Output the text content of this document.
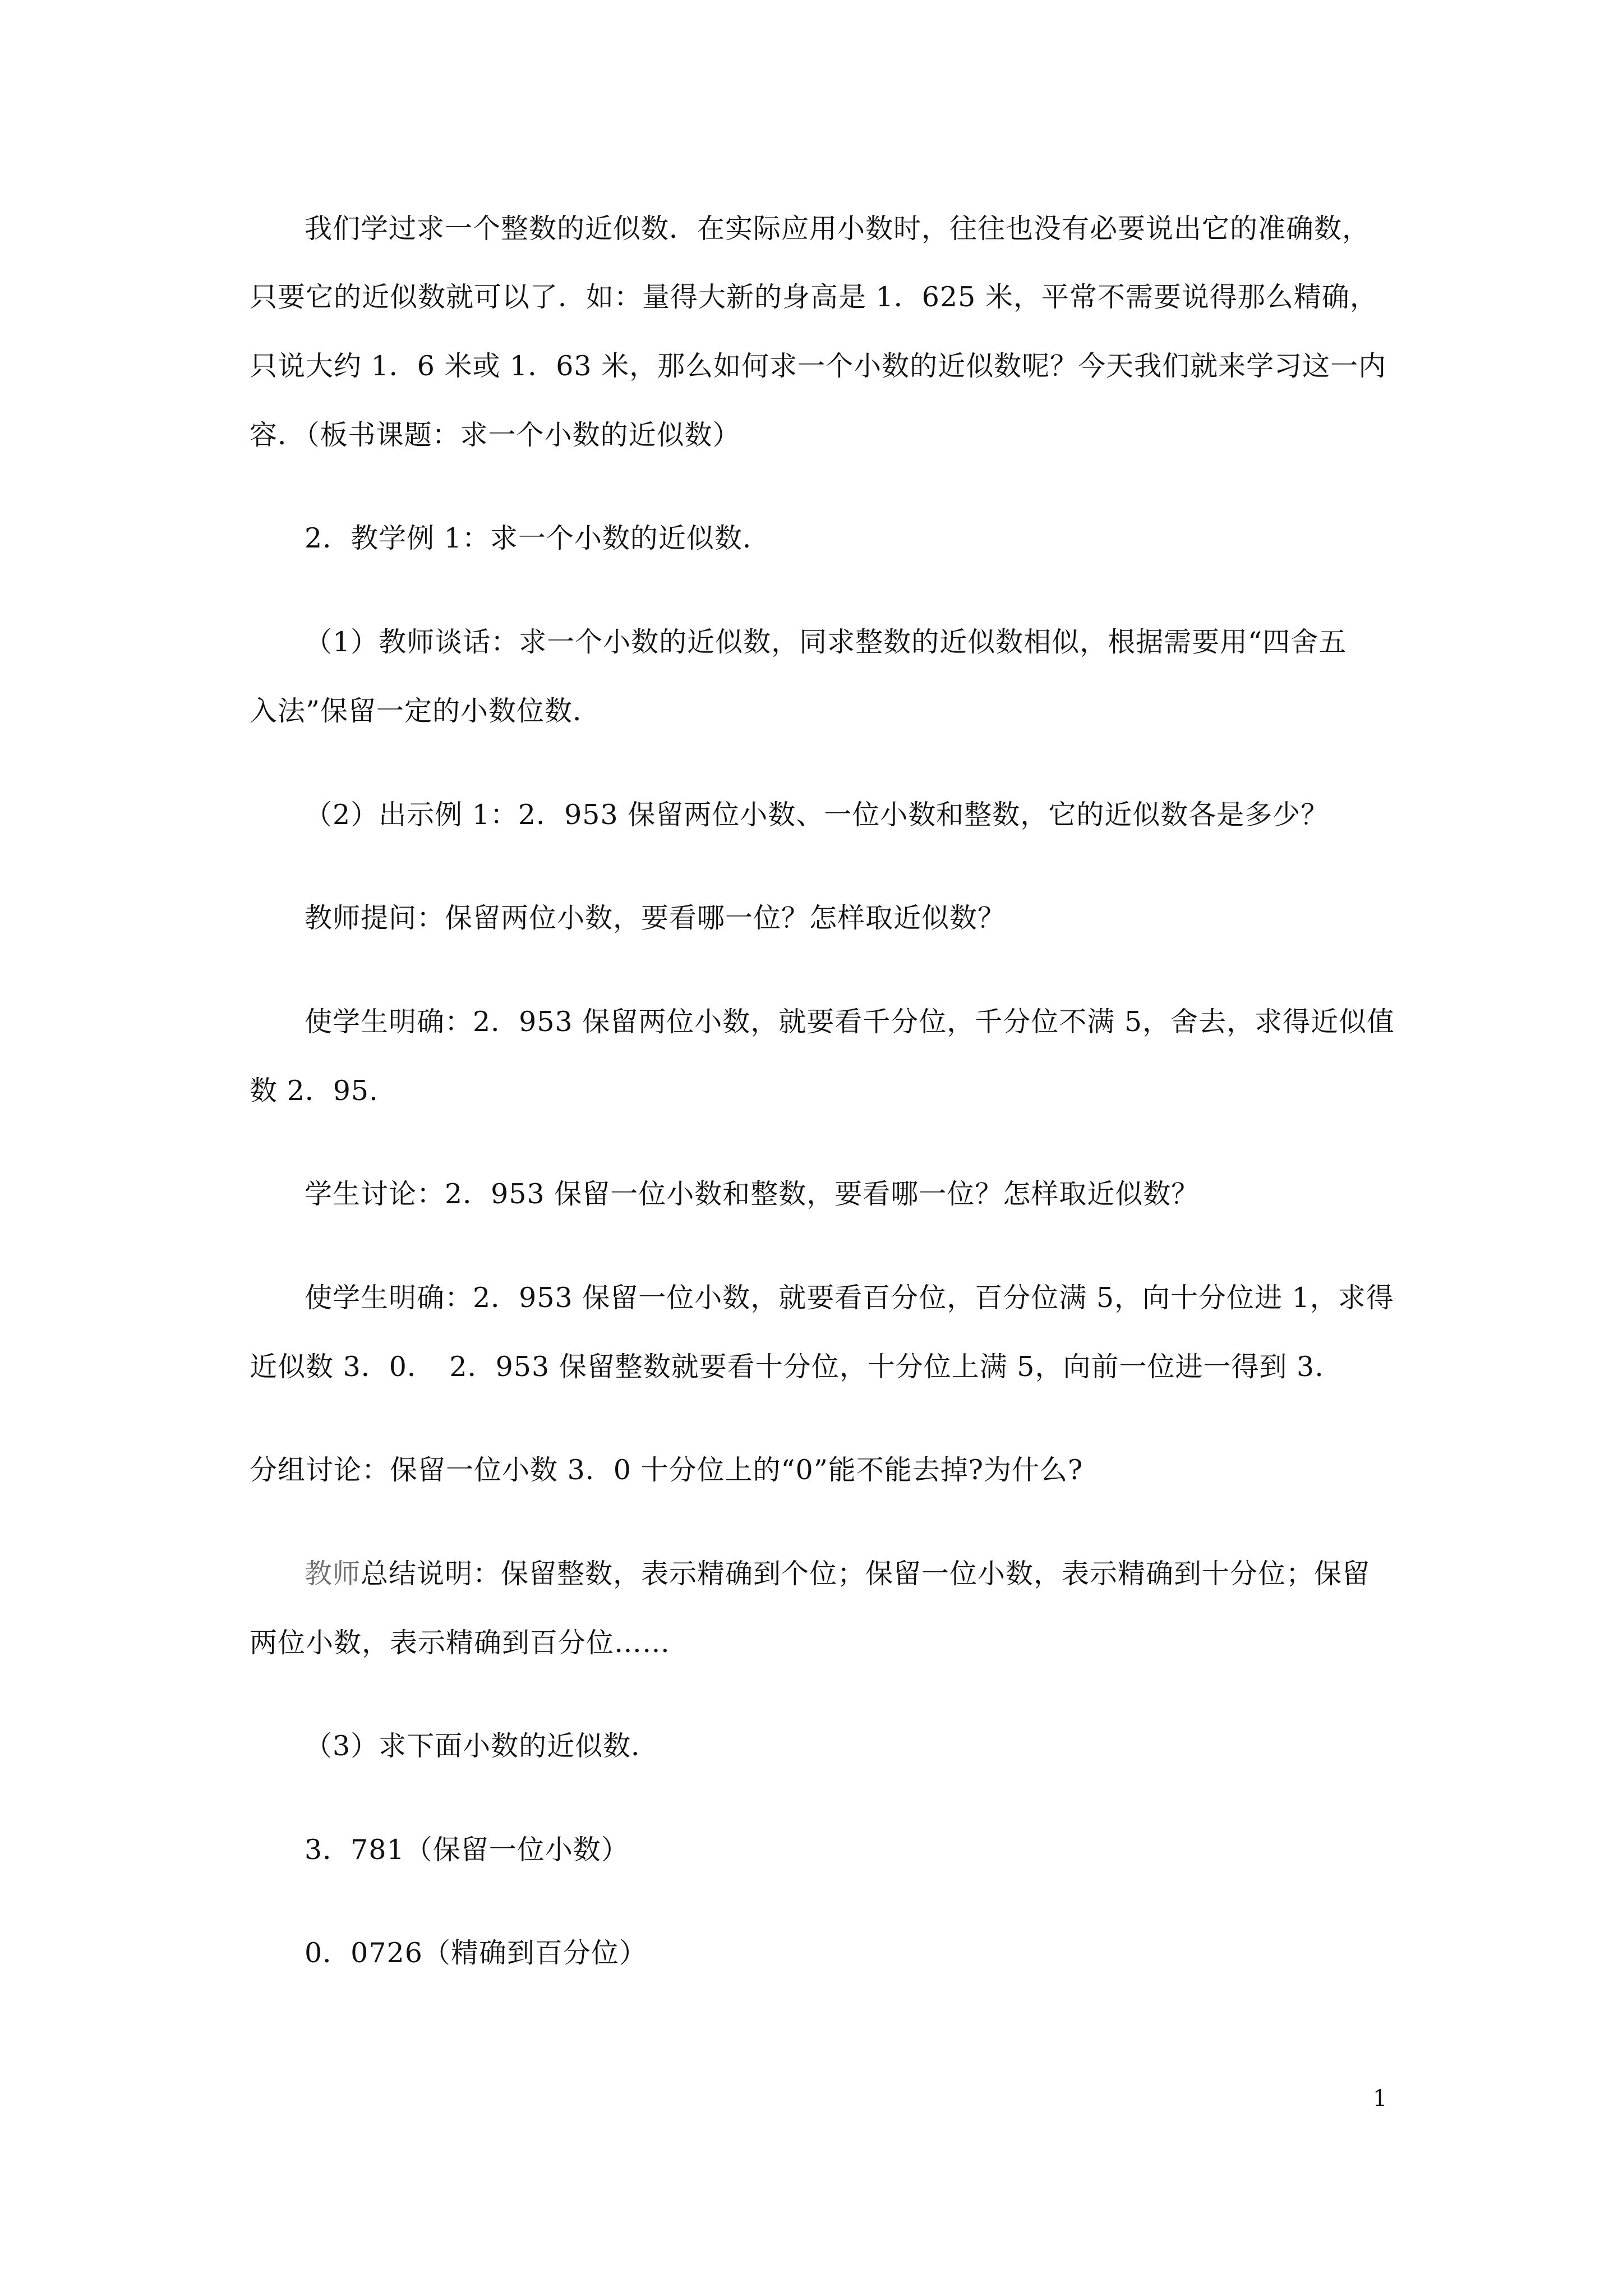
我们学过求一个整数的近似数．在实际应用小数时，往往也没有必要说出它的准确数，
只要它的近似数就可以了．如：量得大新的身高是 1．625 米，平常不需要说得那么精确，
只说大约 1．6 米或 1．63 米，那么如何求一个小数的近似数呢？今天我们就来学习这一内
容．（板书课题：求一个小数的近似数）
2．教学例 1：求一个小数的近似数．
（1）教师谈话：求一个小数的近似数，同求整数的近似数相似，根据需要用“四舍五
入法”保留一定的小数位数．
（2）出示例 1：2．953 保留两位小数、一位小数和整数，它的近似数各是多少？
教师提问：保留两位小数，要看哪一位？怎样取近似数？
使学生明确：2．953 保留两位小数，就要看千分位，千分位不满 5，舍去，求得近似值
数 2．95.
学生讨论：2．953 保留一位小数和整数，要看哪一位？怎样取近似数？
使学生明确：2．953 保留一位小数，就要看百分位，百分位满 5，向十分位进 1，求得
近似数 3．0．　2．953 保留整数就要看十分位，十分位上满 5，向前一位进一得到 3.
分组讨论：保留一位小数 3．0 十分位上的“0”能不能去掉?为什么?
教师总结说明：保留整数，表示精确到个位；保留一位小数，表示精确到十分位；保留
两位小数，表示精确到百分位……
（3）求下面小数的近似数．
3．781（保留一位小数）
0．0726（精确到百分位）
1
